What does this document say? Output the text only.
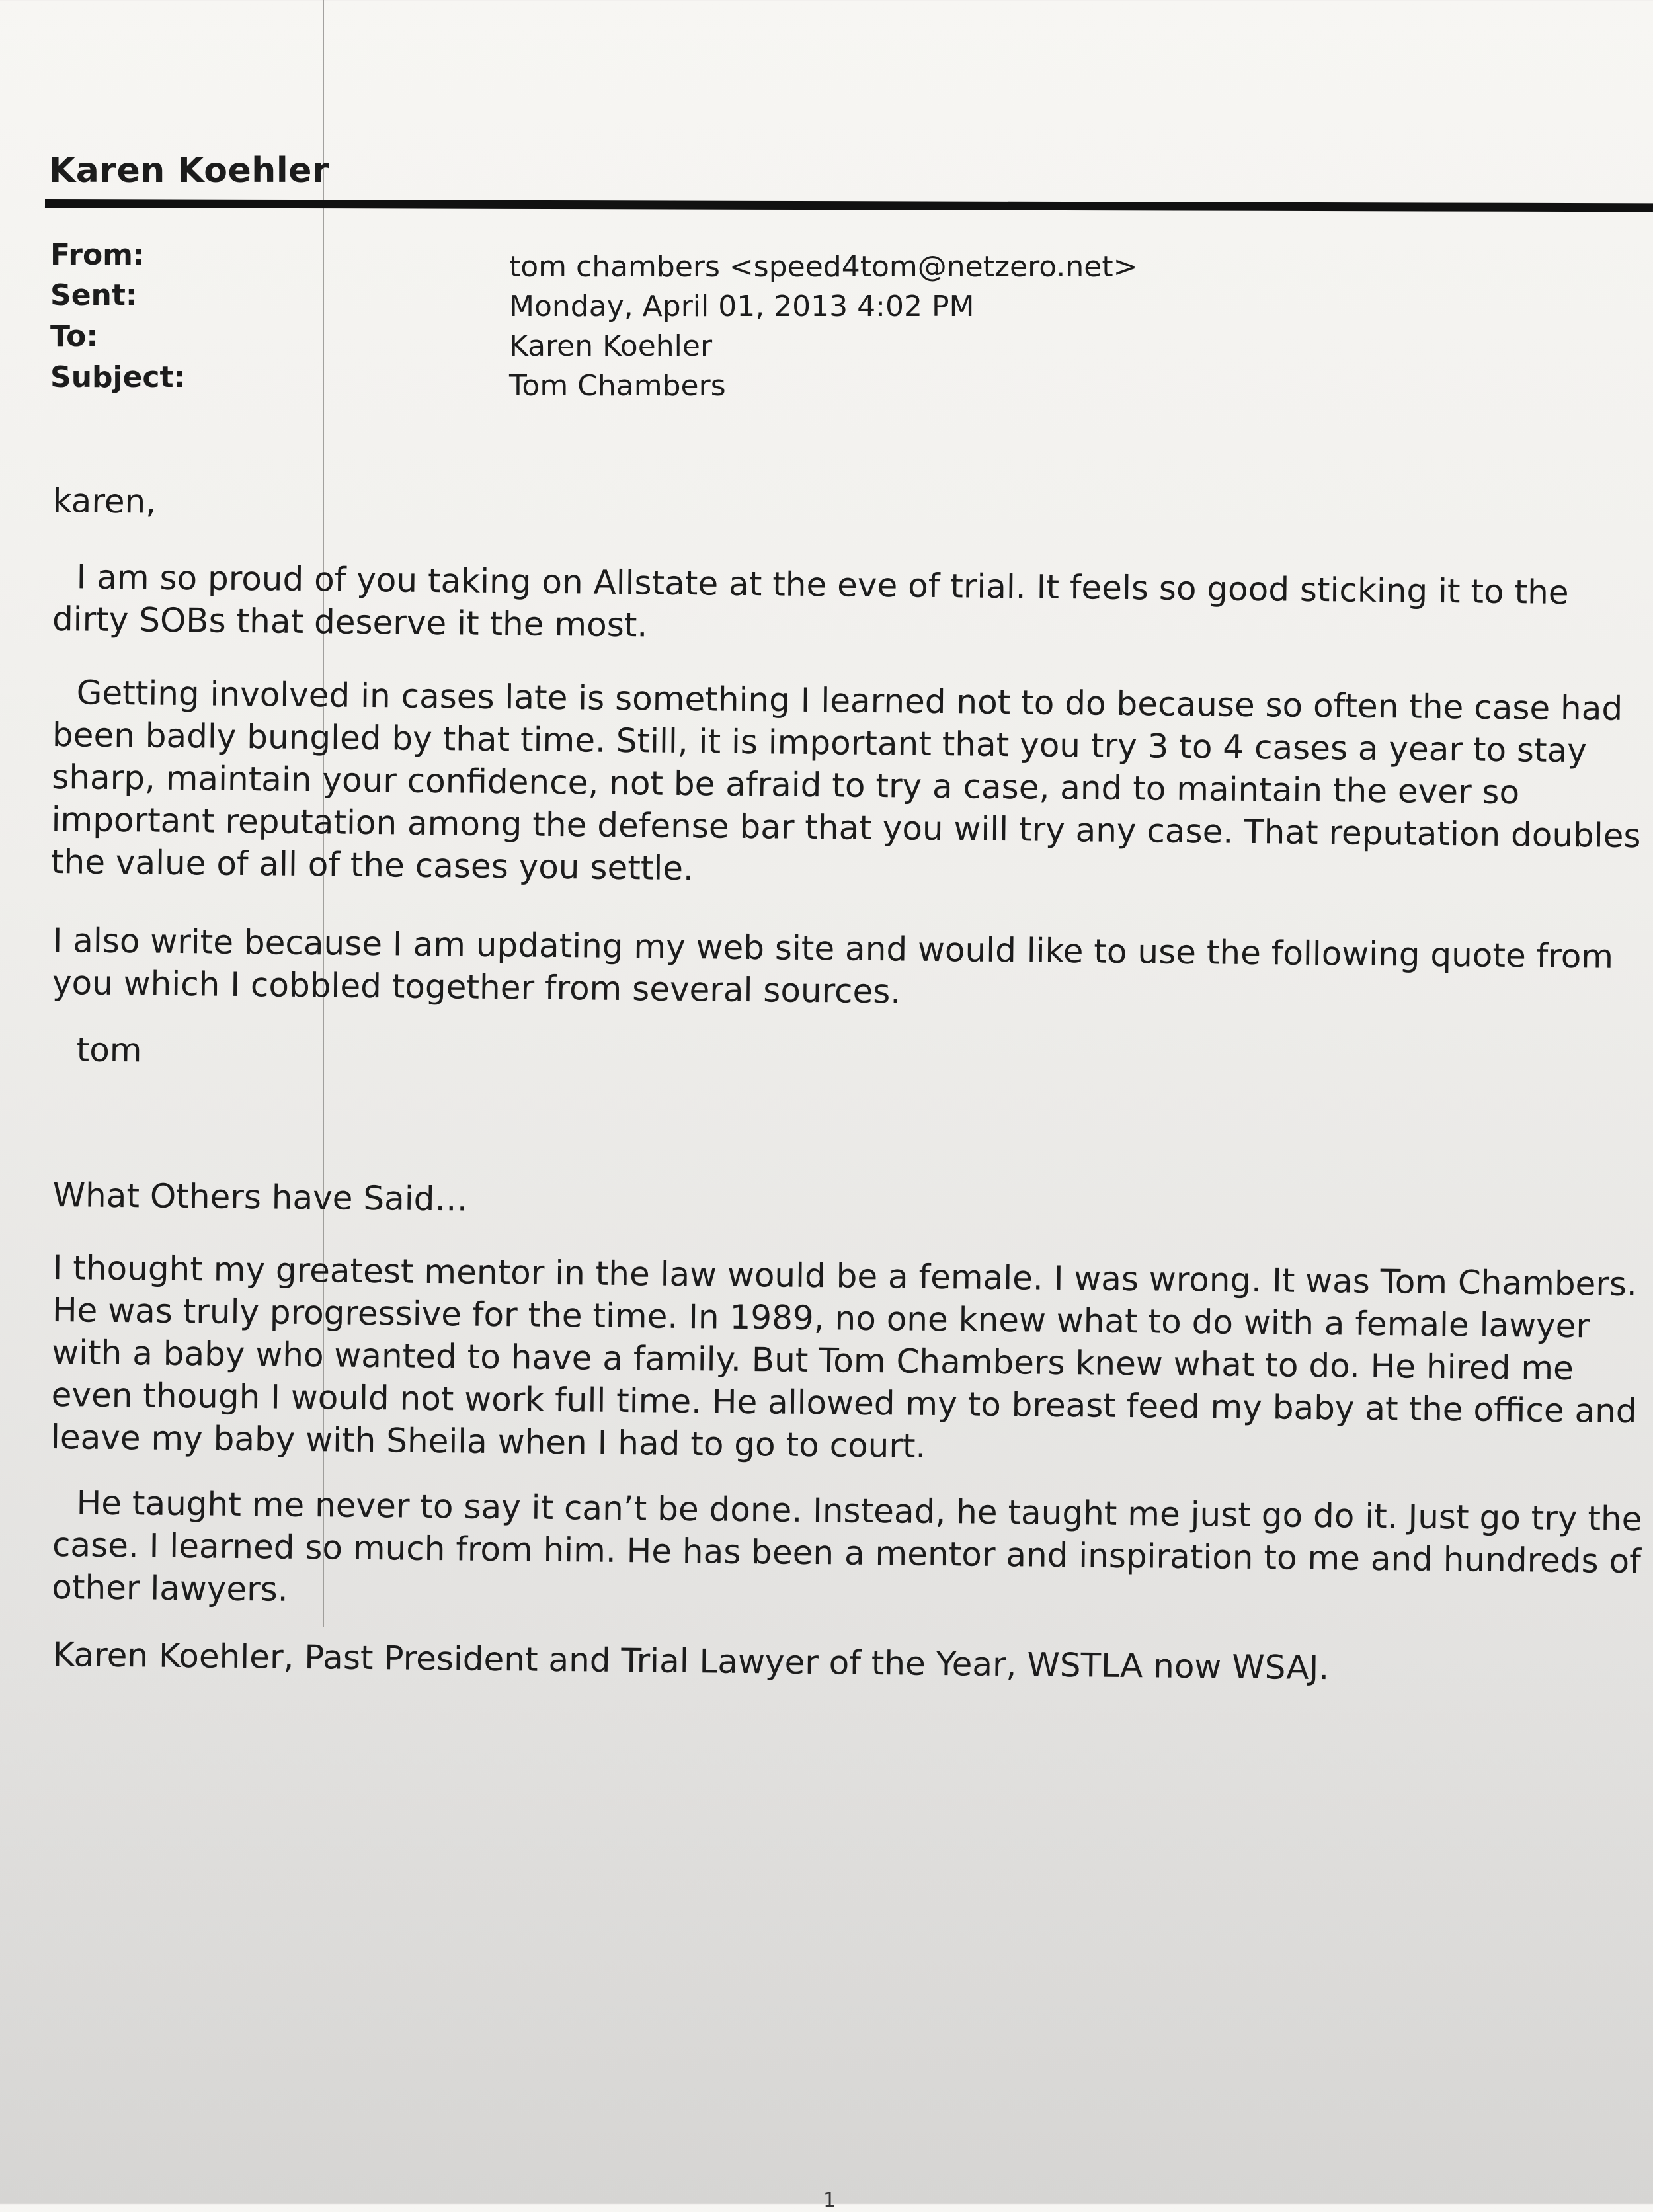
Karen Koehler
From:	tom chambers <speed4tom@netzero.net>
Sent:	Monday, April 01, 2013 4:02 PM
To:	Karen Koehler
Subject:	Tom Chambers

karen,

I am so proud of you taking on Allstate at the eve of trial. It feels so good sticking it to the dirty SOBs that deserve it the most.

Getting involved in cases late is something I learned not to do because so often the case had been badly bungled by that time. Still, it is important that you try 3 to 4 cases a year to stay sharp, maintain your confidence, not be afraid to try a case, and to maintain the ever so important reputation among the defense bar that you will try any case. That reputation doubles the value of all of the cases you settle.

I also write because I am updating my web site and would like to use the following quote from you which I cobbled together from several sources.

tom

What Others have Said…

I thought my greatest mentor in the law would be a female. I was wrong. It was Tom Chambers. He was truly progressive for the time. In 1989, no one knew what to do with a female lawyer with a baby who wanted to have a family. But Tom Chambers knew what to do. He hired me even though I would not work full time. He allowed my to breast feed my baby at the office and leave my baby with Sheila when I had to go to court.

He taught me never to say it can’t be done. Instead, he taught me just go do it. Just go try the case. I learned so much from him. He has been a mentor and inspiration to me and hundreds of other lawyers.

Karen Koehler, Past President and Trial Lawyer of the Year, WSTLA now WSAJ.

1
